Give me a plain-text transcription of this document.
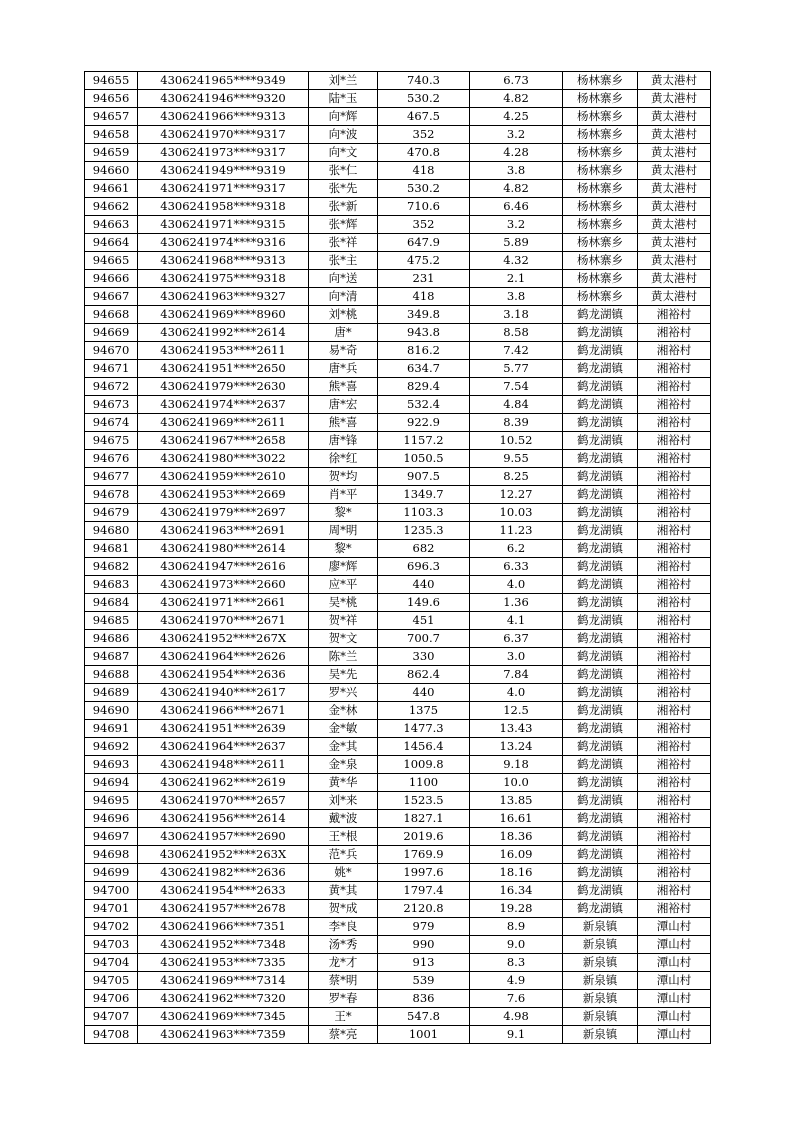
94655	4306241965****9349	刘*兰	740.3	6.73	杨林寨乡	黄太港村
94656	4306241946****9320	陆*玉	530.2	4.82	杨林寨乡	黄太港村
94657	4306241966****9313	向*辉	467.5	4.25	杨林寨乡	黄太港村
94658	4306241970****9317	向*波	352	3.2	杨林寨乡	黄太港村
94659	4306241973****9317	向*文	470.8	4.28	杨林寨乡	黄太港村
94660	4306241949****9319	张*仁	418	3.8	杨林寨乡	黄太港村
94661	4306241971****9317	张*先	530.2	4.82	杨林寨乡	黄太港村
94662	4306241958****9318	张*新	710.6	6.46	杨林寨乡	黄太港村
94663	4306241971****9315	张*辉	352	3.2	杨林寨乡	黄太港村
94664	4306241974****9316	张*祥	647.9	5.89	杨林寨乡	黄太港村
94665	4306241968****9313	张*主	475.2	4.32	杨林寨乡	黄太港村
94666	4306241975****9318	向*送	231	2.1	杨林寨乡	黄太港村
94667	4306241963****9327	向*清	418	3.8	杨林寨乡	黄太港村
94668	4306241969****8960	刘*桃	349.8	3.18	鹤龙湖镇	湘裕村
94669	4306241992****2614	唐*	943.8	8.58	鹤龙湖镇	湘裕村
94670	4306241953****2611	易*奇	816.2	7.42	鹤龙湖镇	湘裕村
94671	4306241951****2650	唐*兵	634.7	5.77	鹤龙湖镇	湘裕村
94672	4306241979****2630	熊*喜	829.4	7.54	鹤龙湖镇	湘裕村
94673	4306241974****2637	唐*宏	532.4	4.84	鹤龙湖镇	湘裕村
94674	4306241969****2611	熊*喜	922.9	8.39	鹤龙湖镇	湘裕村
94675	4306241967****2658	唐*锋	1157.2	10.52	鹤龙湖镇	湘裕村
94676	4306241980****3022	徐*红	1050.5	9.55	鹤龙湖镇	湘裕村
94677	4306241959****2610	贺*均	907.5	8.25	鹤龙湖镇	湘裕村
94678	4306241953****2669	肖*平	1349.7	12.27	鹤龙湖镇	湘裕村
94679	4306241979****2697	黎*	1103.3	10.03	鹤龙湖镇	湘裕村
94680	4306241963****2691	周*明	1235.3	11.23	鹤龙湖镇	湘裕村
94681	4306241980****2614	黎*	682	6.2	鹤龙湖镇	湘裕村
94682	4306241947****2616	廖*辉	696.3	6.33	鹤龙湖镇	湘裕村
94683	4306241973****2660	应*平	440	4.0	鹤龙湖镇	湘裕村
94684	4306241971****2661	吴*桃	149.6	1.36	鹤龙湖镇	湘裕村
94685	4306241970****2671	贺*祥	451	4.1	鹤龙湖镇	湘裕村
94686	4306241952****267X	贺*文	700.7	6.37	鹤龙湖镇	湘裕村
94687	4306241964****2626	陈*兰	330	3.0	鹤龙湖镇	湘裕村
94688	4306241954****2636	吴*先	862.4	7.84	鹤龙湖镇	湘裕村
94689	4306241940****2617	罗*兴	440	4.0	鹤龙湖镇	湘裕村
94690	4306241966****2671	金*林	1375	12.5	鹤龙湖镇	湘裕村
94691	4306241951****2639	金*敏	1477.3	13.43	鹤龙湖镇	湘裕村
94692	4306241964****2637	金*其	1456.4	13.24	鹤龙湖镇	湘裕村
94693	4306241948****2611	金*泉	1009.8	9.18	鹤龙湖镇	湘裕村
94694	4306241962****2619	黄*华	1100	10.0	鹤龙湖镇	湘裕村
94695	4306241970****2657	刘*来	1523.5	13.85	鹤龙湖镇	湘裕村
94696	4306241956****2614	戴*波	1827.1	16.61	鹤龙湖镇	湘裕村
94697	4306241957****2690	王*根	2019.6	18.36	鹤龙湖镇	湘裕村
94698	4306241952****263X	范*兵	1769.9	16.09	鹤龙湖镇	湘裕村
94699	4306241982****2636	姚*	1997.6	18.16	鹤龙湖镇	湘裕村
94700	4306241954****2633	黄*其	1797.4	16.34	鹤龙湖镇	湘裕村
94701	4306241957****2678	贺*成	2120.8	19.28	鹤龙湖镇	湘裕村
94702	4306241966****7351	李*良	979	8.9	新泉镇	潭山村
94703	4306241952****7348	汤*秀	990	9.0	新泉镇	潭山村
94704	4306241953****7335	龙*才	913	8.3	新泉镇	潭山村
94705	4306241969****7314	蔡*明	539	4.9	新泉镇	潭山村
94706	4306241962****7320	罗*春	836	7.6	新泉镇	潭山村
94707	4306241969****7345	王*	547.8	4.98	新泉镇	潭山村
94708	4306241963****7359	蔡*亮	1001	9.1	新泉镇	潭山村
